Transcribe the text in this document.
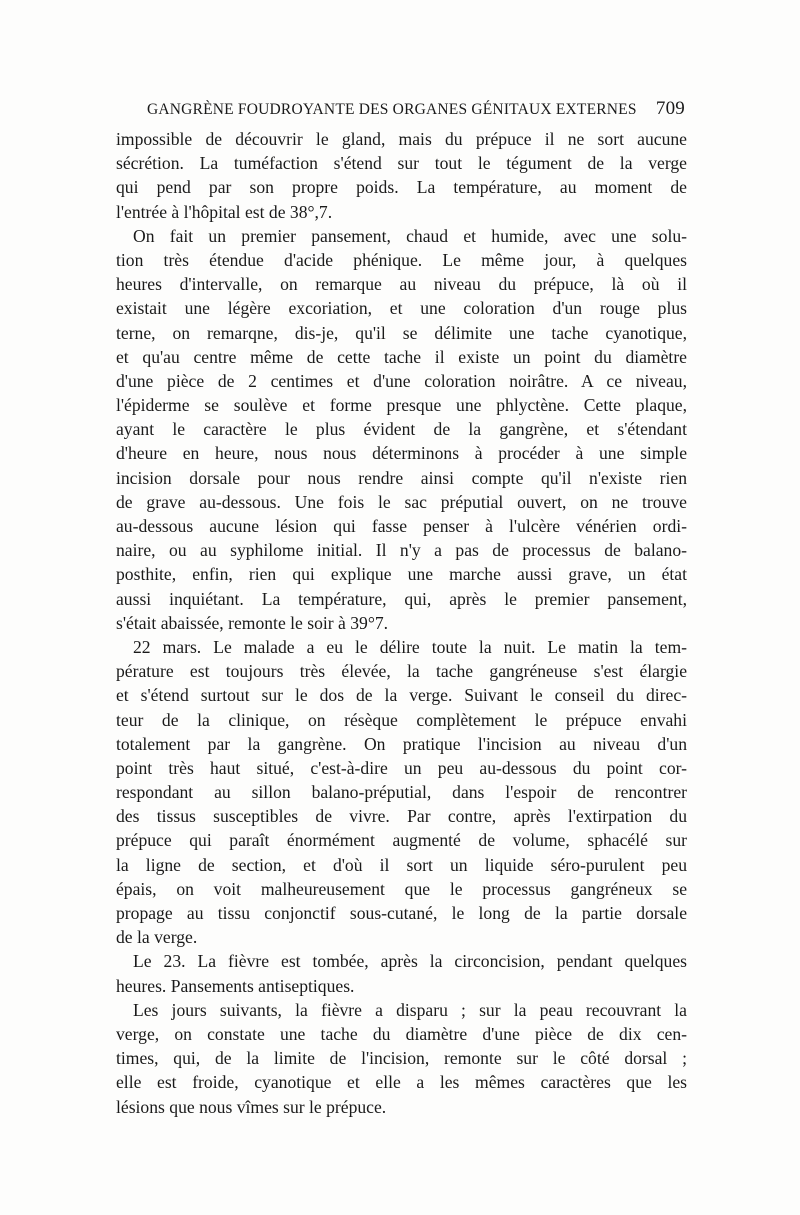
GANGRÈNE FOUDROYANTE DES ORGANES GÉNITAUX EXTERNES 709
impossible de découvrir le gland, mais du prépuce il ne sort aucune
sécrétion. La tuméfaction s'étend sur tout le tégument de la verge
qui pend par son propre poids. La température, au moment de
l'entrée à l'hôpital est de 38°,7.
On fait un premier pansement, chaud et humide, avec une solu-
tion très étendue d'acide phénique. Le même jour, à quelques
heures d'intervalle, on remarque au niveau du prépuce, là où il
existait une légère excoriation, et une coloration d'un rouge plus
terne, on remarqne, dis-je, qu'il se délimite une tache cyanotique,
et qu'au centre même de cette tache il existe un point du diamètre
d'une pièce de 2 centimes et d'une coloration noirâtre. A ce niveau,
l'épiderme se soulève et forme presque une phlyctène. Cette plaque,
ayant le caractère le plus évident de la gangrène, et s'étendant
d'heure en heure, nous nous déterminons à procéder à une simple
incision dorsale pour nous rendre ainsi compte qu'il n'existe rien
de grave au-dessous. Une fois le sac préputial ouvert, on ne trouve
au-dessous aucune lésion qui fasse penser à l'ulcère vénérien ordi-
naire, ou au syphilome initial. Il n'y a pas de processus de balano-
posthite, enfin, rien qui explique une marche aussi grave, un état
aussi inquiétant. La température, qui, après le premier pansement,
s'était abaissée, remonte le soir à 39°7.
22 mars. Le malade a eu le délire toute la nuit. Le matin la tem-
pérature est toujours très élevée, la tache gangréneuse s'est élargie
et s'étend surtout sur le dos de la verge. Suivant le conseil du direc-
teur de la clinique, on résèque complètement le prépuce envahi
totalement par la gangrène. On pratique l'incision au niveau d'un
point très haut situé, c'est-à-dire un peu au-dessous du point cor-
respondant au sillon balano-préputial, dans l'espoir de rencontrer
des tissus susceptibles de vivre. Par contre, après l'extirpation du
prépuce qui paraît énormément augmenté de volume, sphacélé sur
la ligne de section, et d'où il sort un liquide séro-purulent peu
épais, on voit malheureusement que le processus gangréneux se
propage au tissu conjonctif sous-cutané, le long de la partie dorsale
de la verge.
Le 23. La fièvre est tombée, après la circoncision, pendant quelques
heures. Pansements antiseptiques.
Les jours suivants, la fièvre a disparu ; sur la peau recouvrant la
verge, on constate une tache du diamètre d'une pièce de dix cen-
times, qui, de la limite de l'incision, remonte sur le côté dorsal ;
elle est froide, cyanotique et elle a les mêmes caractères que les
lésions que nous vîmes sur le prépuce.
